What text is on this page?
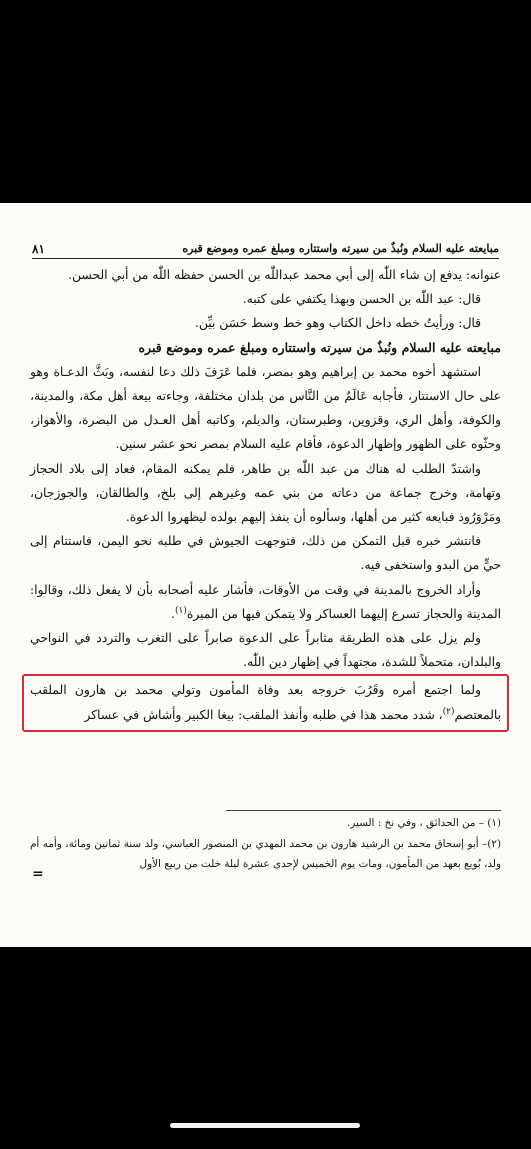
مبايعته عليه السلام ونُبذٌ من سيرته واستتاره ومبلغ عمره وموضع قبره
٨١

عنوانه: يدفع إن شاء اللّٰه إلى أبي محمد عبداللّٰه بن الحسن حفظه اللّٰه من أبي الحسن.

قال: عبد اللّٰه بن الحسن وبهذا يكتفي على كتبه.

قال: ورأيتُ خطه داخل الكتاب وهو خط وسط حَسَن بيِّن.

مبايعته عليه السلام ونُبذٌ من سيرته واستتاره ومبلغ عمره وموضع قبره

استشهد أخوه محمد بن إبراهيم وهو بمصر، فلما عَرَفَ ذلك دعا لنفسه، وبَثَّ الدعـاة وهو على حال الاستتار، فأجابه عَالَمٌ من النَّاس من بلدان مختلفة، وجاءته بيعة أهل مكة، والمدينة، والكوفة، وأهل الري، وقزوين، وطبرستان، والديلم، وكاتبه أهل العـدل من البصرة، والأهواز، وحثّوه على الظهور وإظهار الدعوة، فأقام عليه السلام بمصر نحو عشر سنين.

واشتدّ الطلب له هناك من عبد اللّٰه بن طاهر، فلم يمكنه المقام، فعاد إلى بلاد الحجاز وتهامة، وخرج جماعة من دعاته من بني عمه وغيرهم إلى بلخ، والطالقان، والجوزجان، ومَرْوَرُوذ فبايعه كثير من أهلها، وسألوه أن ينفذ إليهم بولده ليظهروا الدعوة.

فانتشر خبره قبل التمكن من ذلك، فتوجهت الجيوش في طلبه نحو اليمن، فاستتام إلى حيٍّ من البدو واستخفى فيه.

وأراد الخروج بالمدينة في وقت من الأوقات، فأشار عليه أصحابه بأن لا يفعل ذلك، وقالوا: المدينة والحجاز تسرع إليهما العساكر ولا يتمكن فيها من الميرة$^{(١)}$.

ولم يزل على هذه الطريقة مثابراً على الدعوة صابراً على التغرب والتردد في النواحي والبلدان، متحملاً للشدة، مجتهداً في إظهار دين اللّٰه.

ولما اجتمع أمره وقَرُبَ خروجه بعد وفاة المأمون وتولي محمد بن هارون الملقب بالمعتصم$^{(٢)}$، شدد محمد هذا في طلبه وأنفذ الملقب: بيغا الكبير وأشاش في عساكر

(١) – من الحدائق ، وفي نخ : السير.

(٢)– أبو إسحاق محمد بن الرشيد هارون بن محمد المهدي بن المنصور العباسي، ولد سنة ثمانين ومائة، وأمه أم ولد، بُويع بعهد من المأمون، ومات يوم الخميس لإحدى عشرة ليلة خلت من ربيع الأول

=
